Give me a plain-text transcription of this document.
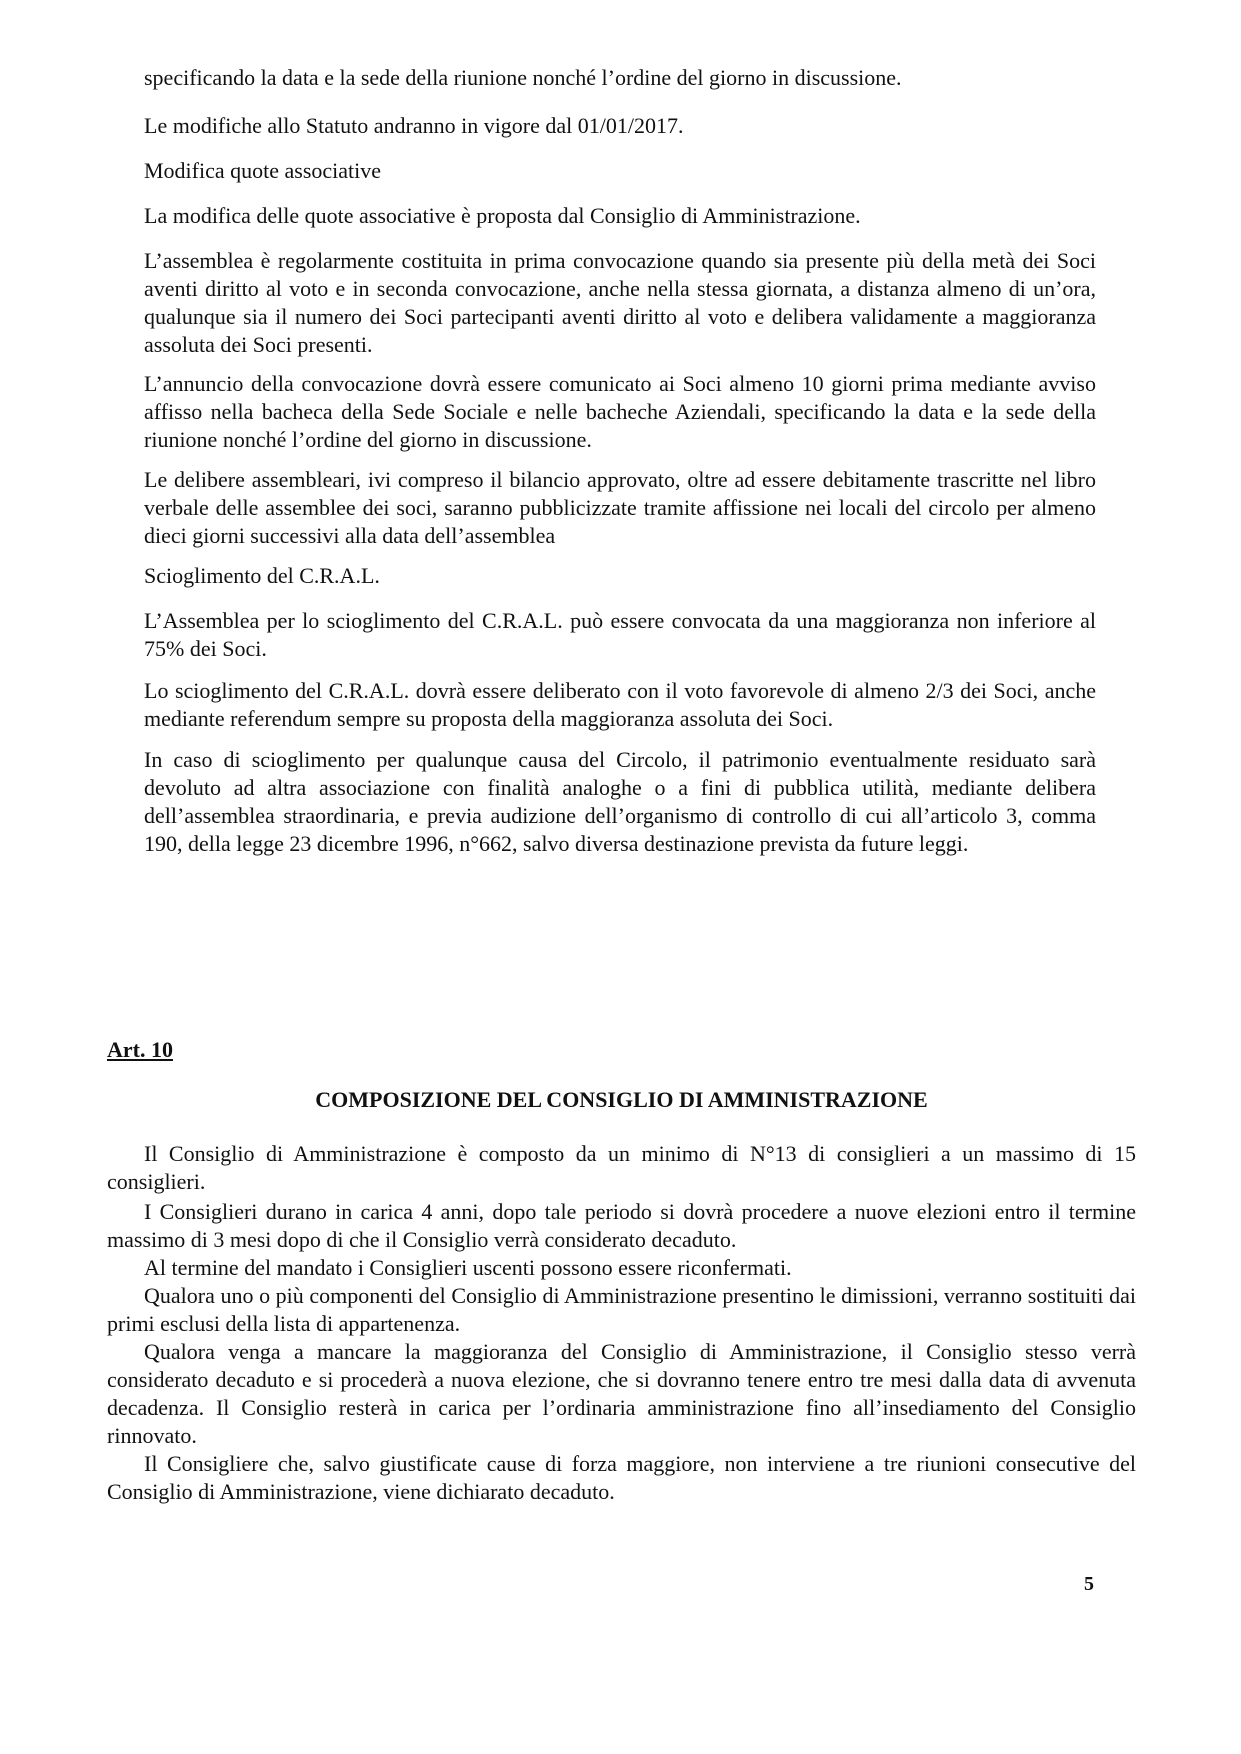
specificando la data e la sede della riunione nonché l’ordine del giorno in discussione.

Le modifiche allo Statuto andranno in vigore dal 01/01/2017.

Modifica quote associative

La modifica delle quote associative è proposta dal Consiglio di Amministrazione.

L’assemblea è regolarmente costituita in prima convocazione quando sia presente più della metà dei Soci aventi diritto al voto e in seconda convocazione, anche nella stessa giornata, a distanza almeno di un’ora, qualunque sia il numero dei Soci partecipanti aventi diritto al voto e delibera validamente a maggioranza assoluta dei Soci presenti.

L’annuncio della convocazione dovrà essere comunicato ai Soci almeno 10 giorni prima mediante avviso affisso nella bacheca della Sede Sociale e nelle bacheche Aziendali, specificando la data e la sede della riunione nonché l’ordine del giorno in discussione.

Le delibere assembleari, ivi compreso il bilancio approvato, oltre ad essere debitamente trascritte nel libro verbale delle assemblee dei soci, saranno pubblicizzate tramite affissione nei locali del circolo per almeno dieci giorni successivi alla data dell’assemblea

Scioglimento del C.R.A.L.

L’Assemblea per lo scioglimento del C.R.A.L. può essere convocata da una maggioranza non inferiore al 75% dei Soci.

Lo scioglimento del C.R.A.L. dovrà essere deliberato con il voto favorevole di almeno 2/3 dei Soci, anche mediante referendum sempre su proposta della maggioranza assoluta dei Soci.

In caso di scioglimento per qualunque causa del Circolo, il patrimonio eventualmente residuato sarà devoluto ad altra associazione con finalità analoghe o a fini di pubblica utilità, mediante delibera dell’assemblea straordinaria, e previa audizione dell’organismo di controllo di cui all’articolo 3, comma 190, della legge 23 dicembre 1996, n°662, salvo diversa destinazione prevista da future leggi.

Art. 10

COMPOSIZIONE DEL CONSIGLIO DI AMMINISTRAZIONE

Il Consiglio di Amministrazione è composto da un minimo di N°13 di consiglieri a un massimo di 15 consiglieri.

I Consiglieri durano in carica 4 anni, dopo tale periodo si dovrà procedere a nuove elezioni entro il termine massimo di 3 mesi dopo di che il Consiglio verrà considerato decaduto.

Al termine del mandato i Consiglieri uscenti possono essere riconfermati.

Qualora uno o più componenti del Consiglio di Amministrazione presentino le dimissioni, verranno sostituiti dai primi esclusi della lista di appartenenza.

Qualora venga a mancare la maggioranza del Consiglio di Amministrazione, il Consiglio stesso verrà considerato decaduto e si procederà a nuova elezione, che si dovranno tenere entro tre mesi dalla data di avvenuta decadenza. Il Consiglio resterà in carica per l’ordinaria amministrazione fino all’insediamento del Consiglio rinnovato.

Il Consigliere che, salvo giustificate cause di forza maggiore, non interviene a tre riunioni consecutive del Consiglio di Amministrazione, viene dichiarato decaduto.

5
